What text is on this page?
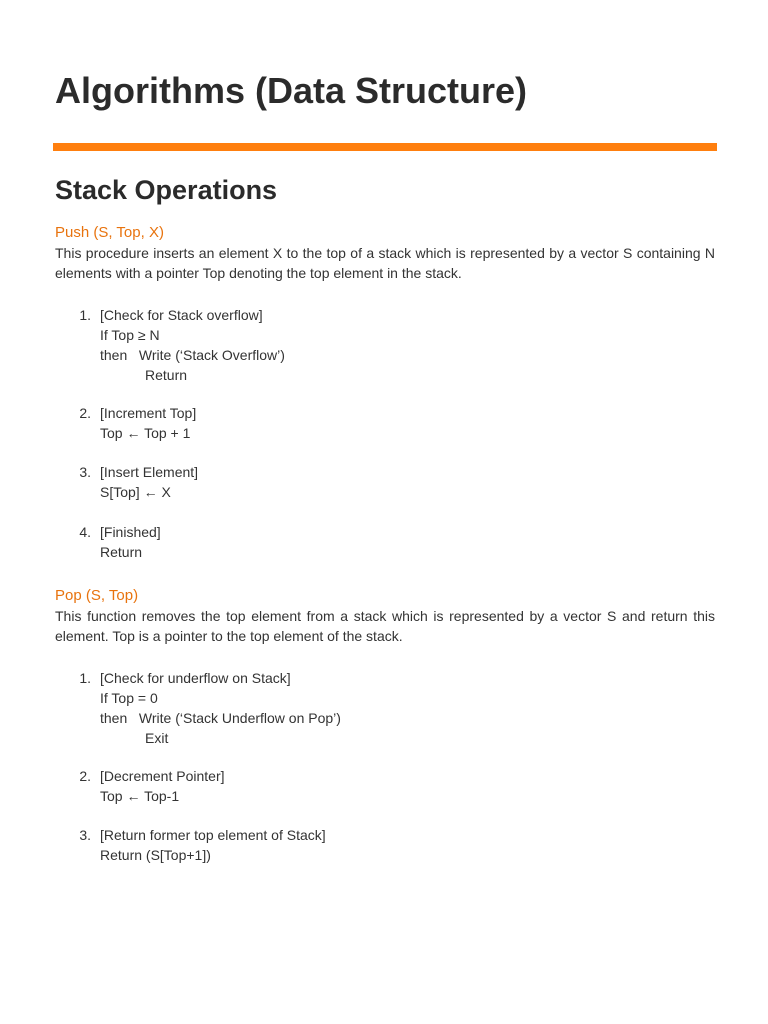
Algorithms (Data Structure)
Stack Operations
Push (S, Top, X)

This procedure inserts an element X to the top of a stack which is represented by a vector S containing N elements with a pointer Top denoting the top element in the stack.

1. [Check for Stack overflow]
If Top ≥ N
then   Write (‘Stack Overflow’)
Return
2. [Increment Top]
Top ← Top + 1
3. [Insert Element]
S[Top] ← X
4. [Finished]
Return
Pop (S, Top)

This function removes the top element from a stack which is represented by a vector S and return this element. Top is a pointer to the top element of the stack.

1. [Check for underflow on Stack]
If Top = 0
then   Write (‘Stack Underflow on Pop’)
Exit
2. [Decrement Pointer]
Top ← Top-1
3. [Return former top element of Stack]
Return (S[Top+1])
